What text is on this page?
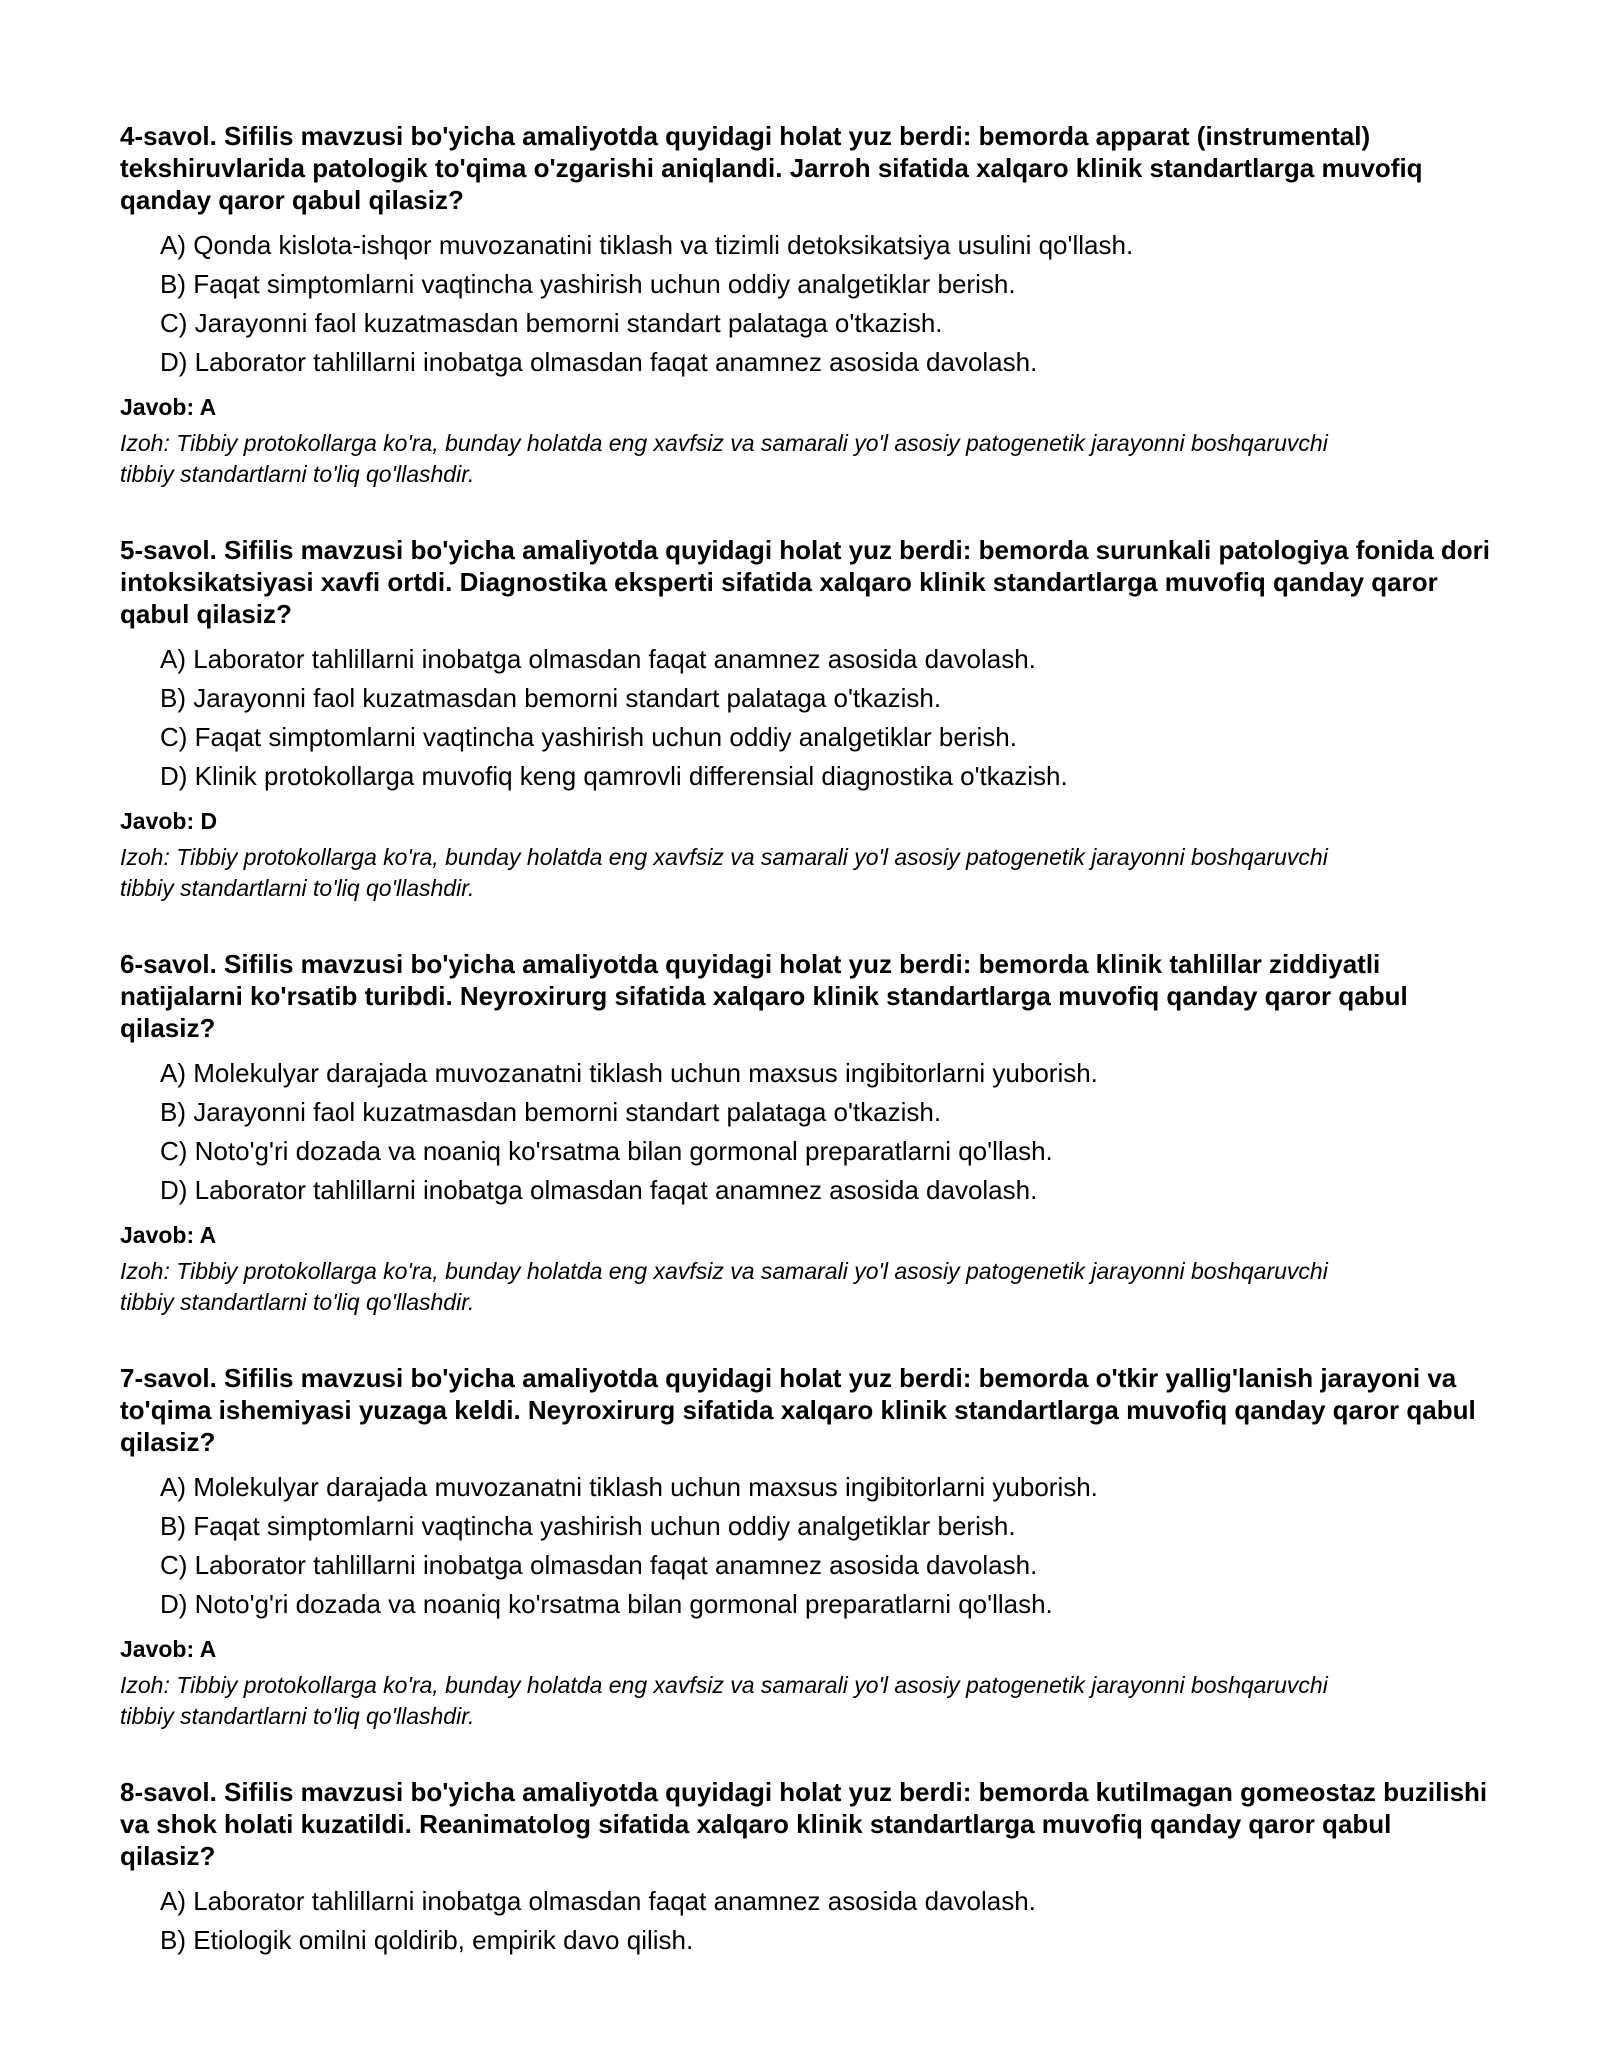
4-savol. Sifilis mavzusi bo'yicha amaliyotda quyidagi holat yuz berdi: bemorda apparat (instrumental) tekshiruvlarida patologik to'qima o'zgarishi aniqlandi. Jarroh sifatida xalqaro klinik standartlarga muvofiq qanday qaror qabul qilasiz?

A) Qonda kislota-ishqor muvozanatini tiklash va tizimli detoksikatsiya usulini qo'llash.
B) Faqat simptomlarni vaqtincha yashirish uchun oddiy analgetiklar berish.
C) Jarayonni faol kuzatmasdan bemorni standart palataga o'tkazish.
D) Laborator tahlillarni inobatga olmasdan faqat anamnez asosida davolash.

Javob: A

Izoh: Tibbiy protokollarga ko'ra, bunday holatda eng xavfsiz va samarali yo'l asosiy patogenetik jarayonni boshqaruvchi tibbiy standartlarni to'liq qo'llashdir.

5-savol. Sifilis mavzusi bo'yicha amaliyotda quyidagi holat yuz berdi: bemorda surunkali patologiya fonida dori intoksikatsiyasi xavfi ortdi. Diagnostika eksperti sifatida xalqaro klinik standartlarga muvofiq qanday qaror qabul qilasiz?

A) Laborator tahlillarni inobatga olmasdan faqat anamnez asosida davolash.
B) Jarayonni faol kuzatmasdan bemorni standart palataga o'tkazish.
C) Faqat simptomlarni vaqtincha yashirish uchun oddiy analgetiklar berish.
D) Klinik protokollarga muvofiq keng qamrovli differensial diagnostika o'tkazish.

Javob: D

Izoh: Tibbiy protokollarga ko'ra, bunday holatda eng xavfsiz va samarali yo'l asosiy patogenetik jarayonni boshqaruvchi tibbiy standartlarni to'liq qo'llashdir.

6-savol. Sifilis mavzusi bo'yicha amaliyotda quyidagi holat yuz berdi: bemorda klinik tahlillar ziddiyatli natijalarni ko'rsatib turibdi. Neyroxirurg sifatida xalqaro klinik standartlarga muvofiq qanday qaror qabul qilasiz?

A) Molekulyar darajada muvozanatni tiklash uchun maxsus ingibitorlarni yuborish.
B) Jarayonni faol kuzatmasdan bemorni standart palataga o'tkazish.
C) Noto'g'ri dozada va noaniq ko'rsatma bilan gormonal preparatlarni qo'llash.
D) Laborator tahlillarni inobatga olmasdan faqat anamnez asosida davolash.

Javob: A

Izoh: Tibbiy protokollarga ko'ra, bunday holatda eng xavfsiz va samarali yo'l asosiy patogenetik jarayonni boshqaruvchi tibbiy standartlarni to'liq qo'llashdir.

7-savol. Sifilis mavzusi bo'yicha amaliyotda quyidagi holat yuz berdi: bemorda o'tkir yallig'lanish jarayoni va to'qima ishemiyasi yuzaga keldi. Neyroxirurg sifatida xalqaro klinik standartlarga muvofiq qanday qaror qabul qilasiz?

A) Molekulyar darajada muvozanatni tiklash uchun maxsus ingibitorlarni yuborish.
B) Faqat simptomlarni vaqtincha yashirish uchun oddiy analgetiklar berish.
C) Laborator tahlillarni inobatga olmasdan faqat anamnez asosida davolash.
D) Noto'g'ri dozada va noaniq ko'rsatma bilan gormonal preparatlarni qo'llash.

Javob: A

Izoh: Tibbiy protokollarga ko'ra, bunday holatda eng xavfsiz va samarali yo'l asosiy patogenetik jarayonni boshqaruvchi tibbiy standartlarni to'liq qo'llashdir.

8-savol. Sifilis mavzusi bo'yicha amaliyotda quyidagi holat yuz berdi: bemorda kutilmagan gomeostaz buzilishi va shok holati kuzatildi. Reanimatolog sifatida xalqaro klinik standartlarga muvofiq qanday qaror qabul qilasiz?

A) Laborator tahlillarni inobatga olmasdan faqat anamnez asosida davolash.
B) Etiologik omilni qoldirib, empirik davo qilish.
